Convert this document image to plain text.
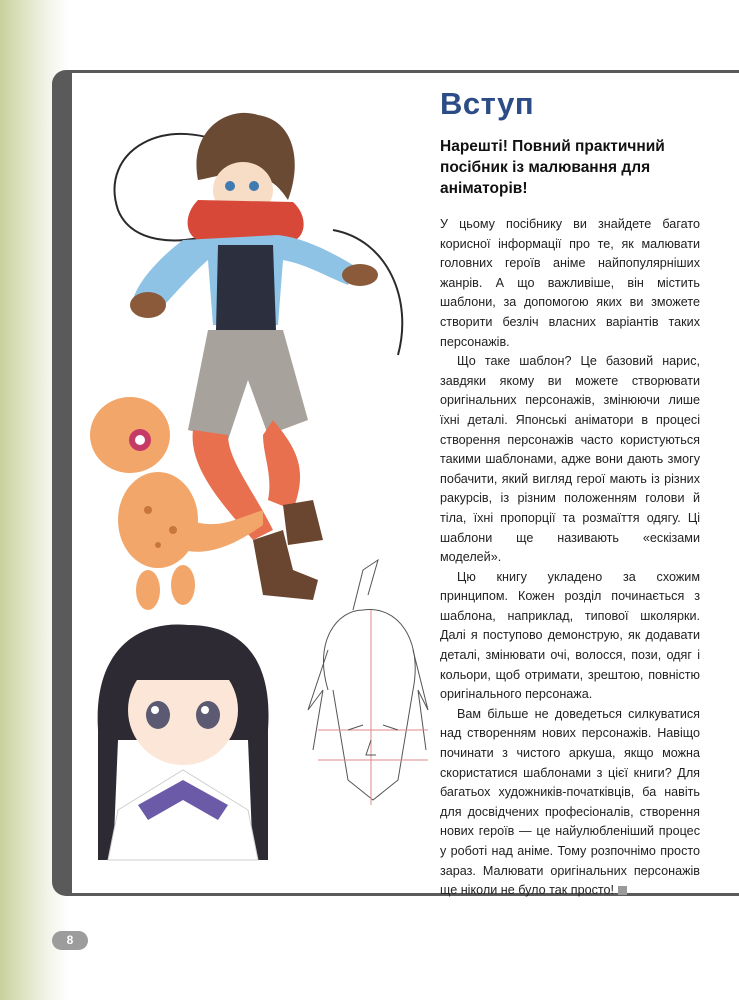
Вступ
Нарешті! Повний практичний посібник із малювання для аніматорів!

У цьому посібнику ви знайдете багато корисної інформації про те, як малювати головних героїв аніме найпопулярніших жанрів. А що важливіше, він містить шаблони, за допомогою яких ви зможете створити безліч власних варіантів таких персонажів.

Що таке шаблон? Це базовий нарис, завдяки якому ви можете створювати оригінальних персонажів, змінюючи лише їхні деталі. Японські аніматори в процесі створення персонажів часто користуються такими шаблонами, адже вони дають змогу побачити, який вигляд герої мають із різних ракурсів, із різним положенням голови й тіла, їхні пропорції та розмаїття одягу. Ці шаблони ще називають «ескізами моделей».

Цю книгу укладено за схожим принципом. Кожен розділ починається з шаблона, наприклад, типової школярки. Далі я поступово демонструю, як додавати деталі, змінювати очі, волосся, пози, одяг і кольори, щоб отримати, зрештою, повністю оригінального персонажа.

Вам більше не доведеться силкуватися над створенням нових персонажів. Навіщо починати з чистого аркуша, якщо можна скористатися шаблонами з цієї книги? Для багатьох художників-початківців, ба навіть для досвідчених професіоналів, створення нових героїв — це найулюбленіший процес у роботі над аніме. Тому розпочнімо просто зараз. Малювати оригінальних персонажів ще ніколи не було так просто!

8
